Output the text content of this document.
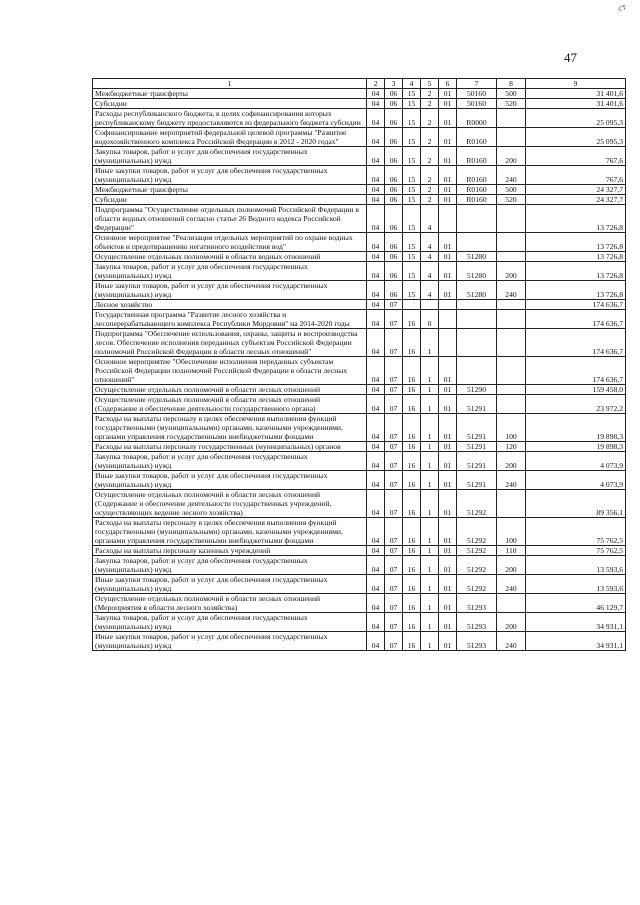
ст
47
1	2	3	4	5	6	7	8	9
Межбюджетные трансферты	04	06	15	2	01	50160	500	31 401,6
Субсидии	04	06	15	2	01	50160	520	31 401,6
Расходы республиканского бюджета, в целях софинансирования которых республиканскому бюджету предоставляются из федерального бюджета субсидии	04	06	15	2	01	R0000		25 095,3
Софинансирование мероприятий федеральной целевой программы "Развитие водохозяйственного комплекса Российской Федерации в 2012 - 2020 годах"	04	06	15	2	01	R0160		25 095,3
Закупка товаров, работ и услуг для обеспечения государственных (муниципальных) нужд	04	06	15	2	01	R0160	200	767,6
Иные закупки товаров, работ и услуг для обеспечения государственных (муниципальных) нужд	04	06	15	2	01	R0160	240	767,6
Межбюджетные трансферты	04	06	15	2	01	R0160	500	24 327,7
Субсидии	04	06	15	2	01	R0160	520	24 327,7
Подпрограмма "Осуществление отдельных полномочий Российской Федерации в области водных отношений согласно статье 26 Водного кодекса Российской Федерации"	04	06	15	4				13 726,8
Основное мероприятие "Реализация отдельных мероприятий по охране водных объектов и предотвращению негативного воздействия вод"	04	06	15	4	01			13 726,8
Осуществление отдельных полномочий в области водных отношений	04	06	15	4	01	51280		13 726,8
Закупка товаров, работ и услуг для обеспечения государственных (муниципальных) нужд	04	06	15	4	01	51280	200	13 726,8
Иные закупки товаров, работ и услуг для обеспечения государственных (муниципальных) нужд	04	06	15	4	01	51280	240	13 726,8
Лесное хозяйство	04	07						174 636,7
Государственная программа "Развитие лесного хозяйства и лесоперерабатывающего комплекса Республики Мордовия" на 2014-2020 годы	04	07	16	0				174 636,7
Подпрограмма "Обеспечение использования, охраны, защиты и воспроизводства лесов. Обеспечение исполнения переданных субъектам Российской Федерации полномочий Российской Федерации в области лесных отношений"	04	07	16	1				174 636,7
Основное мероприятие "Обеспечение исполнения переданных субъектам Российской Федерации полномочий Российской Федерации в области лесных отношений"	04	07	16	1	01			174 636,7
Осуществление отдельных полномочий в области лесных отношений	04	07	16	1	01	51290		159 458,0
Осуществление отдельных полномочий в области лесных отношений (Содержание и обеспечение деятельности государственного органа)	04	07	16	1	01	51291		23 972,2
Расходы на выплаты персоналу в целях обеспечения выполнения функций государственными (муниципальными) органами, казенными учреждениями, органами управления государственными внебюджетными фондами	04	07	16	1	01	51291	100	19 898,3
Расходы на выплаты персоналу государственных (муниципальных) органов	04	07	16	1	01	51291	120	19 898,3
Закупка товаров, работ и услуг для обеспечения государственных (муниципальных) нужд	04	07	16	1	01	51291	200	4 073,9
Иные закупки товаров, работ и услуг для обеспечения государственных (муниципальных) нужд	04	07	16	1	01	51291	240	4 073,9
Осуществление отдельных полномочий в области лесных отношений (Содержание и обеспечение деятельности государственных учреждений, осуществляющих ведение лесного хозяйства)	04	07	16	1	01	51292		89 356,1
Расходы на выплаты персоналу в целях обеспечения выполнения функций государственными (муниципальными) органами, казенными учреждениями, органами управления государственными внебюджетными фондами	04	07	16	1	01	51292	100	75 762,5
Расходы на выплаты персоналу казенных учреждений	04	07	16	1	01	51292	110	75 762,5
Закупка товаров, работ и услуг для обеспечения государственных (муниципальных) нужд	04	07	16	1	01	51292	200	13 593,6
Иные закупки товаров, работ и услуг для обеспечения государственных (муниципальных) нужд	04	07	16	1	01	51292	240	13 593,6
Осуществление отдельных полномочий в области лесных отношений (Мероприятия в области лесного хозяйства)	04	07	16	1	01	51293		46 129,7
Закупка товаров, работ и услуг для обеспечения государственных (муниципальных) нужд	04	07	16	1	01	51293	200	34 931,1
Иные закупки товаров, работ и услуг для обеспечения государственных (муниципальных) нужд	04	07	16	1	01	51293	240	34 931,1
